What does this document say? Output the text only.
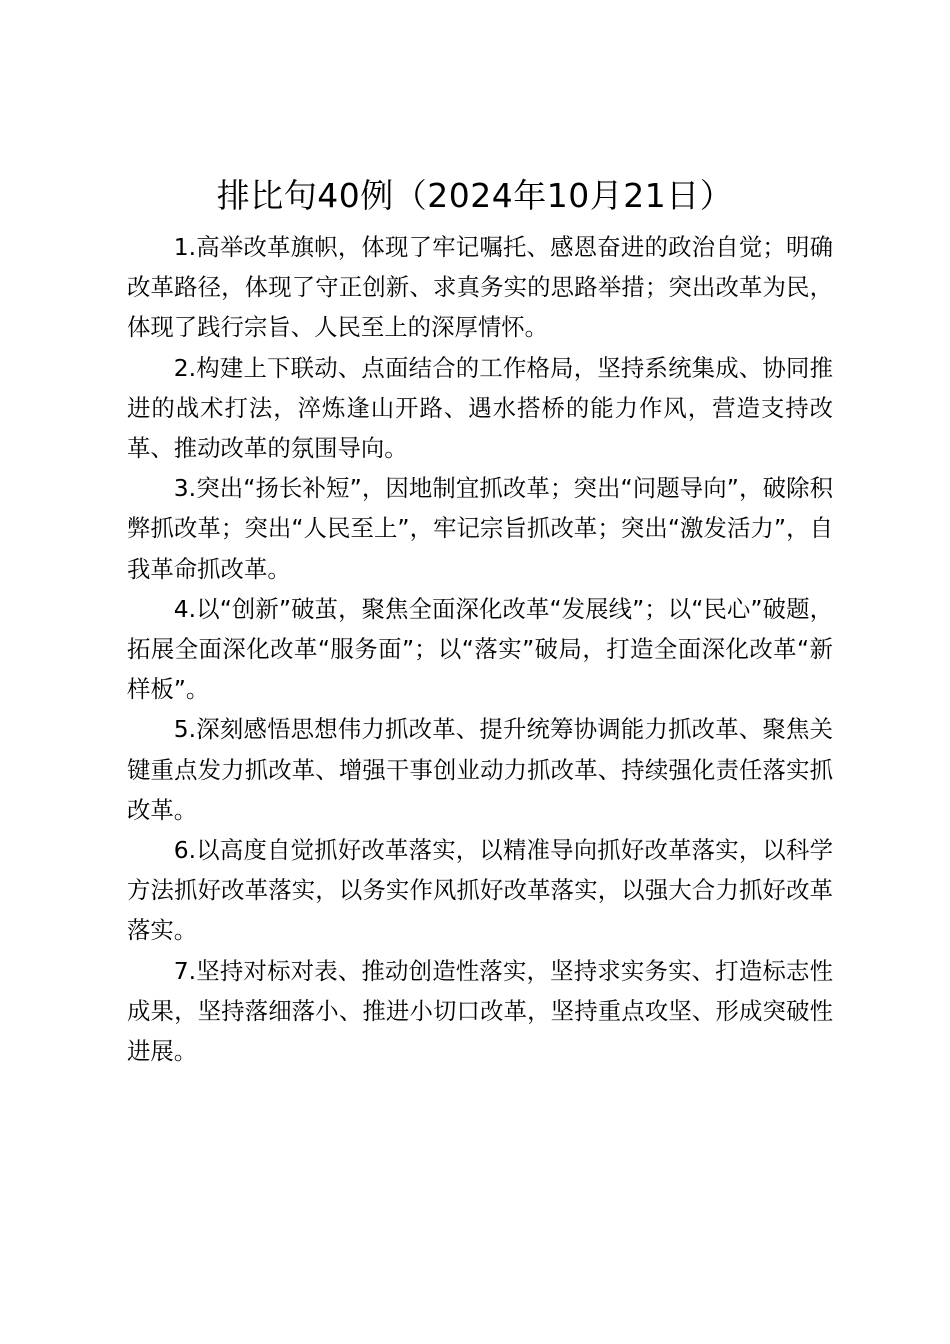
排比句40例（2024年10月21日）

1.高举改革旗帜，体现了牢记嘱托、感恩奋进的政治自觉；明确改革路径，体现了守正创新、求真务实的思路举措；突出改革为民，体现了践行宗旨、人民至上的深厚情怀。

2.构建上下联动、点面结合的工作格局，坚持系统集成、协同推进的战术打法，淬炼逢山开路、遇水搭桥的能力作风，营造支持改革、推动改革的氛围导向。

3.突出“扬长补短”，因地制宜抓改革；突出“问题导向”，破除积弊抓改革；突出“人民至上”，牢记宗旨抓改革；突出“激发活力”，自我革命抓改革。

4.以“创新”破茧，聚焦全面深化改革“发展线”；以“民心”破题，拓展全面深化改革“服务面”；以“落实”破局，打造全面深化改革“新样板”。

5.深刻感悟思想伟力抓改革、提升统筹协调能力抓改革、聚焦关键重点发力抓改革、增强干事创业动力抓改革、持续强化责任落实抓改革。

6.以高度自觉抓好改革落实，以精准导向抓好改革落实，以科学方法抓好改革落实，以务实作风抓好改革落实，以强大合力抓好改革落实。

7.坚持对标对表、推动创造性落实，坚持求实务实、打造标志性成果，坚持落细落小、推进小切口改革，坚持重点攻坚、形成突破性进展。
